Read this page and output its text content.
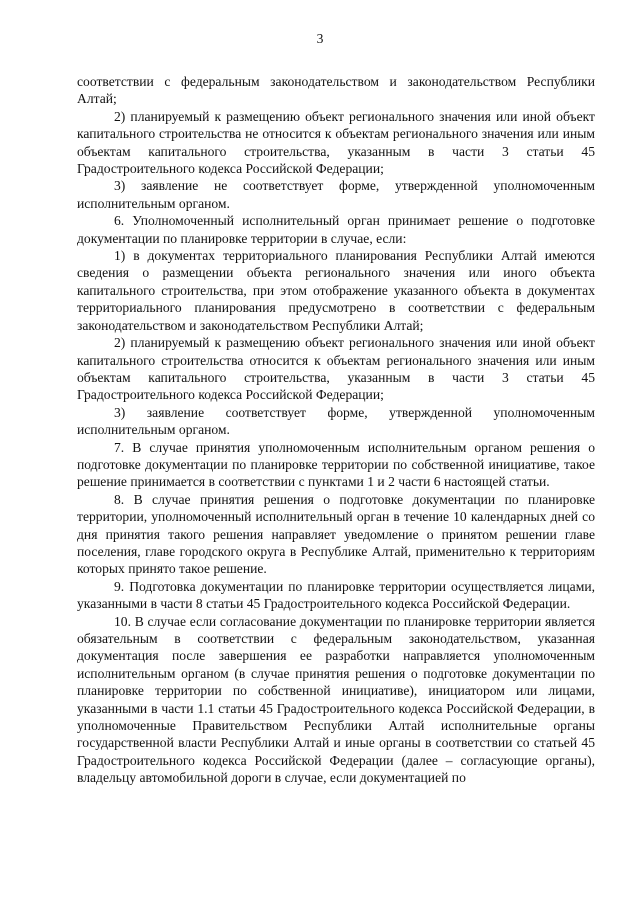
3

соответствии с федеральным законодательством и законодательством Республики Алтай;

2) планируемый к размещению объект регионального значения или иной объект капитального строительства не относится к объектам регионального значения или иным объектам капитального строительства, указанным в части 3 статьи 45 Градостроительного кодекса Российской Федерации;

3) заявление не соответствует форме, утвержденной уполномоченным исполнительным органом.

6. Уполномоченный исполнительный орган принимает решение о подготовке документации по планировке территории в случае, если:

1) в документах территориального планирования Республики Алтай имеются сведения о размещении объекта регионального значения или иного объекта капитального строительства, при этом отображение указанного объекта в документах территориального планирования предусмотрено в соответствии с федеральным законодательством и законодательством Республики Алтай;

2) планируемый к размещению объект регионального значения или иной объект капитального строительства относится к объектам регионального значения или иным объектам капитального строительства, указанным в части 3 статьи 45 Градостроительного кодекса Российской Федерации;

3) заявление соответствует форме, утвержденной уполномоченным исполнительным органом.

7. В случае принятия уполномоченным исполнительным органом решения о подготовке документации по планировке территории по собственной инициативе, такое решение принимается в соответствии с пунктами 1 и 2 части 6 настоящей статьи.

8. В случае принятия решения о подготовке документации по планировке территории, уполномоченный исполнительный орган в течение 10 календарных дней со дня принятия такого решения направляет уведомление о принятом решении главе поселения, главе городского округа в Республике Алтай, применительно к территориям которых принято такое решение.

9. Подготовка документации по планировке территории осуществляется лицами, указанными в части 8 статьи 45 Градостроительного кодекса Российской Федерации.

10. В случае если согласование документации по планировке территории является обязательным в соответствии с федеральным законодательством, указанная документация после завершения ее разработки направляется уполномоченным исполнительным органом (в случае принятия решения о подготовке документации по планировке территории по собственной инициативе), инициатором или лицами, указанными в части 1.1 статьи 45 Градостроительного кодекса Российской Федерации, в уполномоченные Правительством Республики Алтай исполнительные органы государственной власти Республики Алтай и иные органы в соответствии со статьей 45 Градостроительного кодекса Российской Федерации (далее – согласующие органы), владельцу автомобильной дороги в случае, если документацией по
